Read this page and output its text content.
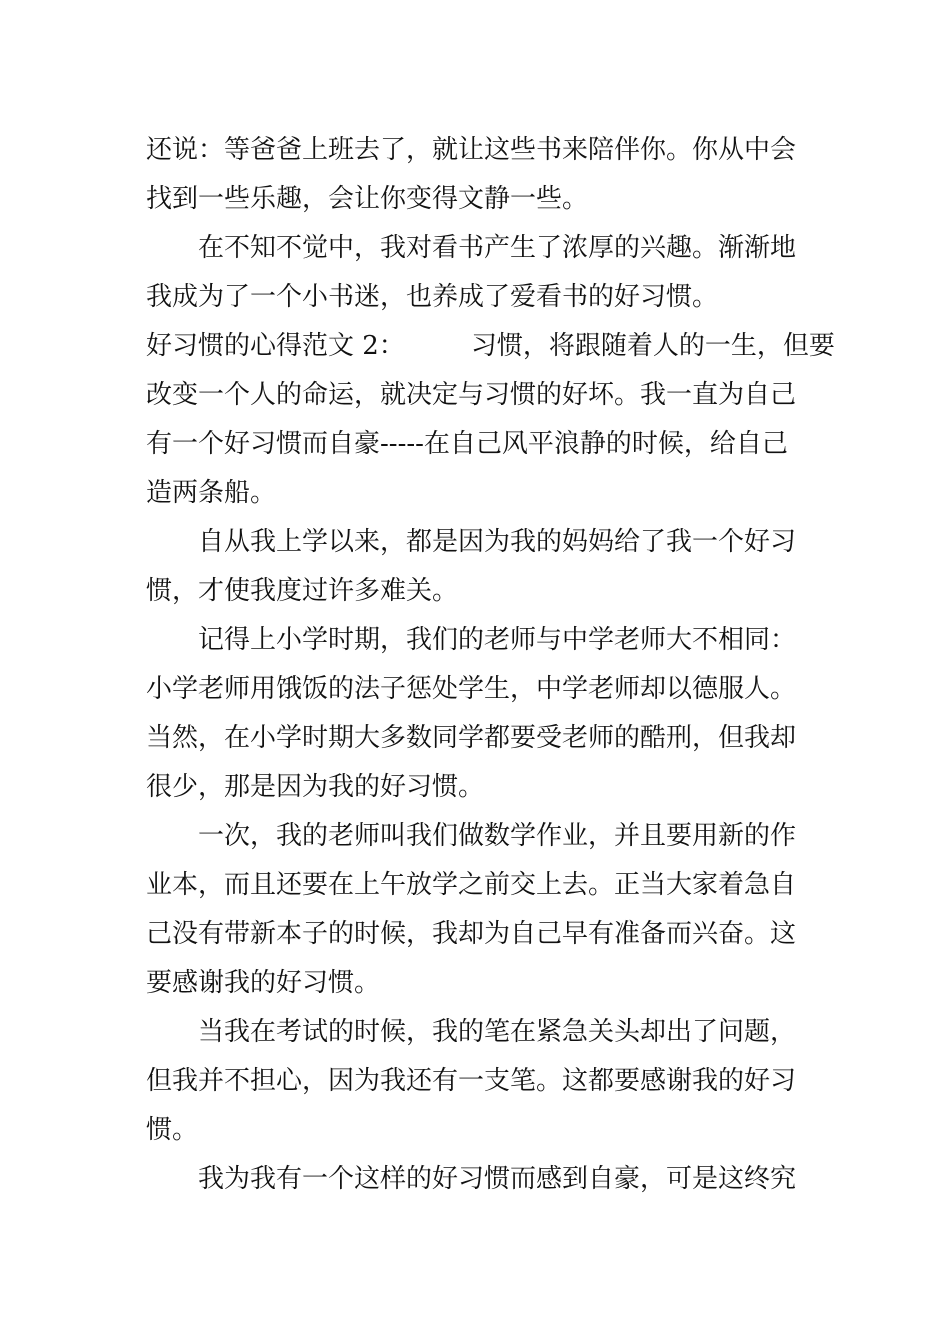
还说：等爸爸上班去了，就让这些书来陪伴你。你从中会
找到一些乐趣，会让你变得文静一些。
在不知不觉中，我对看书产生了浓厚的兴趣。渐渐地
我成为了一个小书迷，也养成了爱看书的好习惯。
好习惯的心得范文 2：	习惯，将跟随着人的一生，但要
改变一个人的命运，就决定与习惯的好坏。我一直为自己
有一个好习惯而自豪-----在自己风平浪静的时候，给自己
造两条船。
自从我上学以来，都是因为我的妈妈给了我一个好习
惯，才使我度过许多难关。
记得上小学时期，我们的老师与中学老师大不相同：
小学老师用饿饭的法子惩处学生，中学老师却以德服人。
当然，在小学时期大多数同学都要受老师的酷刑，但我却
很少，那是因为我的好习惯。
一次，我的老师叫我们做数学作业，并且要用新的作
业本，而且还要在上午放学之前交上去。正当大家着急自
己没有带新本子的时候，我却为自己早有准备而兴奋。这
要感谢我的好习惯。
当我在考试的时候，我的笔在紧急关头却出了问题，
但我并不担心，因为我还有一支笔。这都要感谢我的好习
惯。
我为我有一个这样的好习惯而感到自豪，可是这终究
